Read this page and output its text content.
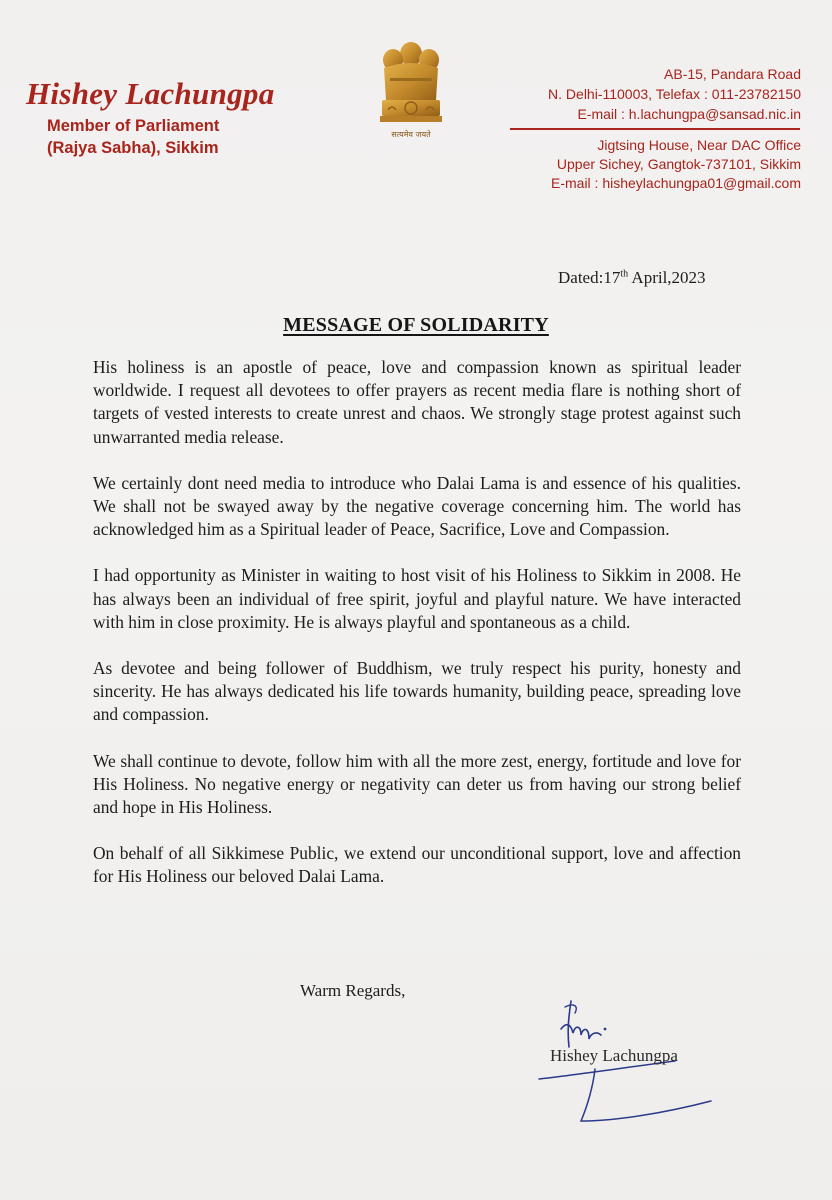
Hishey Lachungpa
Member of Parliament
(Rajya Sabha), Sikkim
सत्यमेव जयते
AB-15, Pandara Road
N. Delhi-110003, Telefax : 011-23782150
E-mail : h.lachungpa@sansad.nic.in
Jigtsing House, Near DAC Office
Upper Sichey, Gangtok-737101, Sikkim
E-mail : hisheylachungpa01@gmail.com
Dated:17th April,2023
MESSAGE OF SOLIDARITY

His holiness is an apostle of peace, love and compassion known as spiritual leader worldwide. I request all devotees to offer prayers as recent media flare is nothing short of targets of vested interests to create unrest and chaos. We strongly stage protest against such unwarranted media release.

We certainly dont need media to introduce who Dalai Lama is and essence of his qualities. We shall not be swayed away by the negative coverage concerning him. The world has acknowledged him as a Spiritual leader of Peace, Sacrifice, Love and Compassion.

I had opportunity as Minister in waiting to host visit of his Holiness to Sikkim in 2008. He has always been an individual of free spirit, joyful and playful nature. We have interacted with him in close proximity. He is always playful and spontaneous as a child.

As devotee and being follower of Buddhism, we truly respect his purity, honesty and sincerity. He has always dedicated his life towards humanity, building peace, spreading love and compassion.

We shall continue to devote, follow him with all the more zest, energy, fortitude and love for His Holiness. No negative energy or negativity can deter us from having our strong belief and hope in His Holiness.

On behalf of all Sikkimese Public, we extend our unconditional support, love and affection for His Holiness our beloved Dalai Lama.

Warm Regards,
Hishey Lachungpa
